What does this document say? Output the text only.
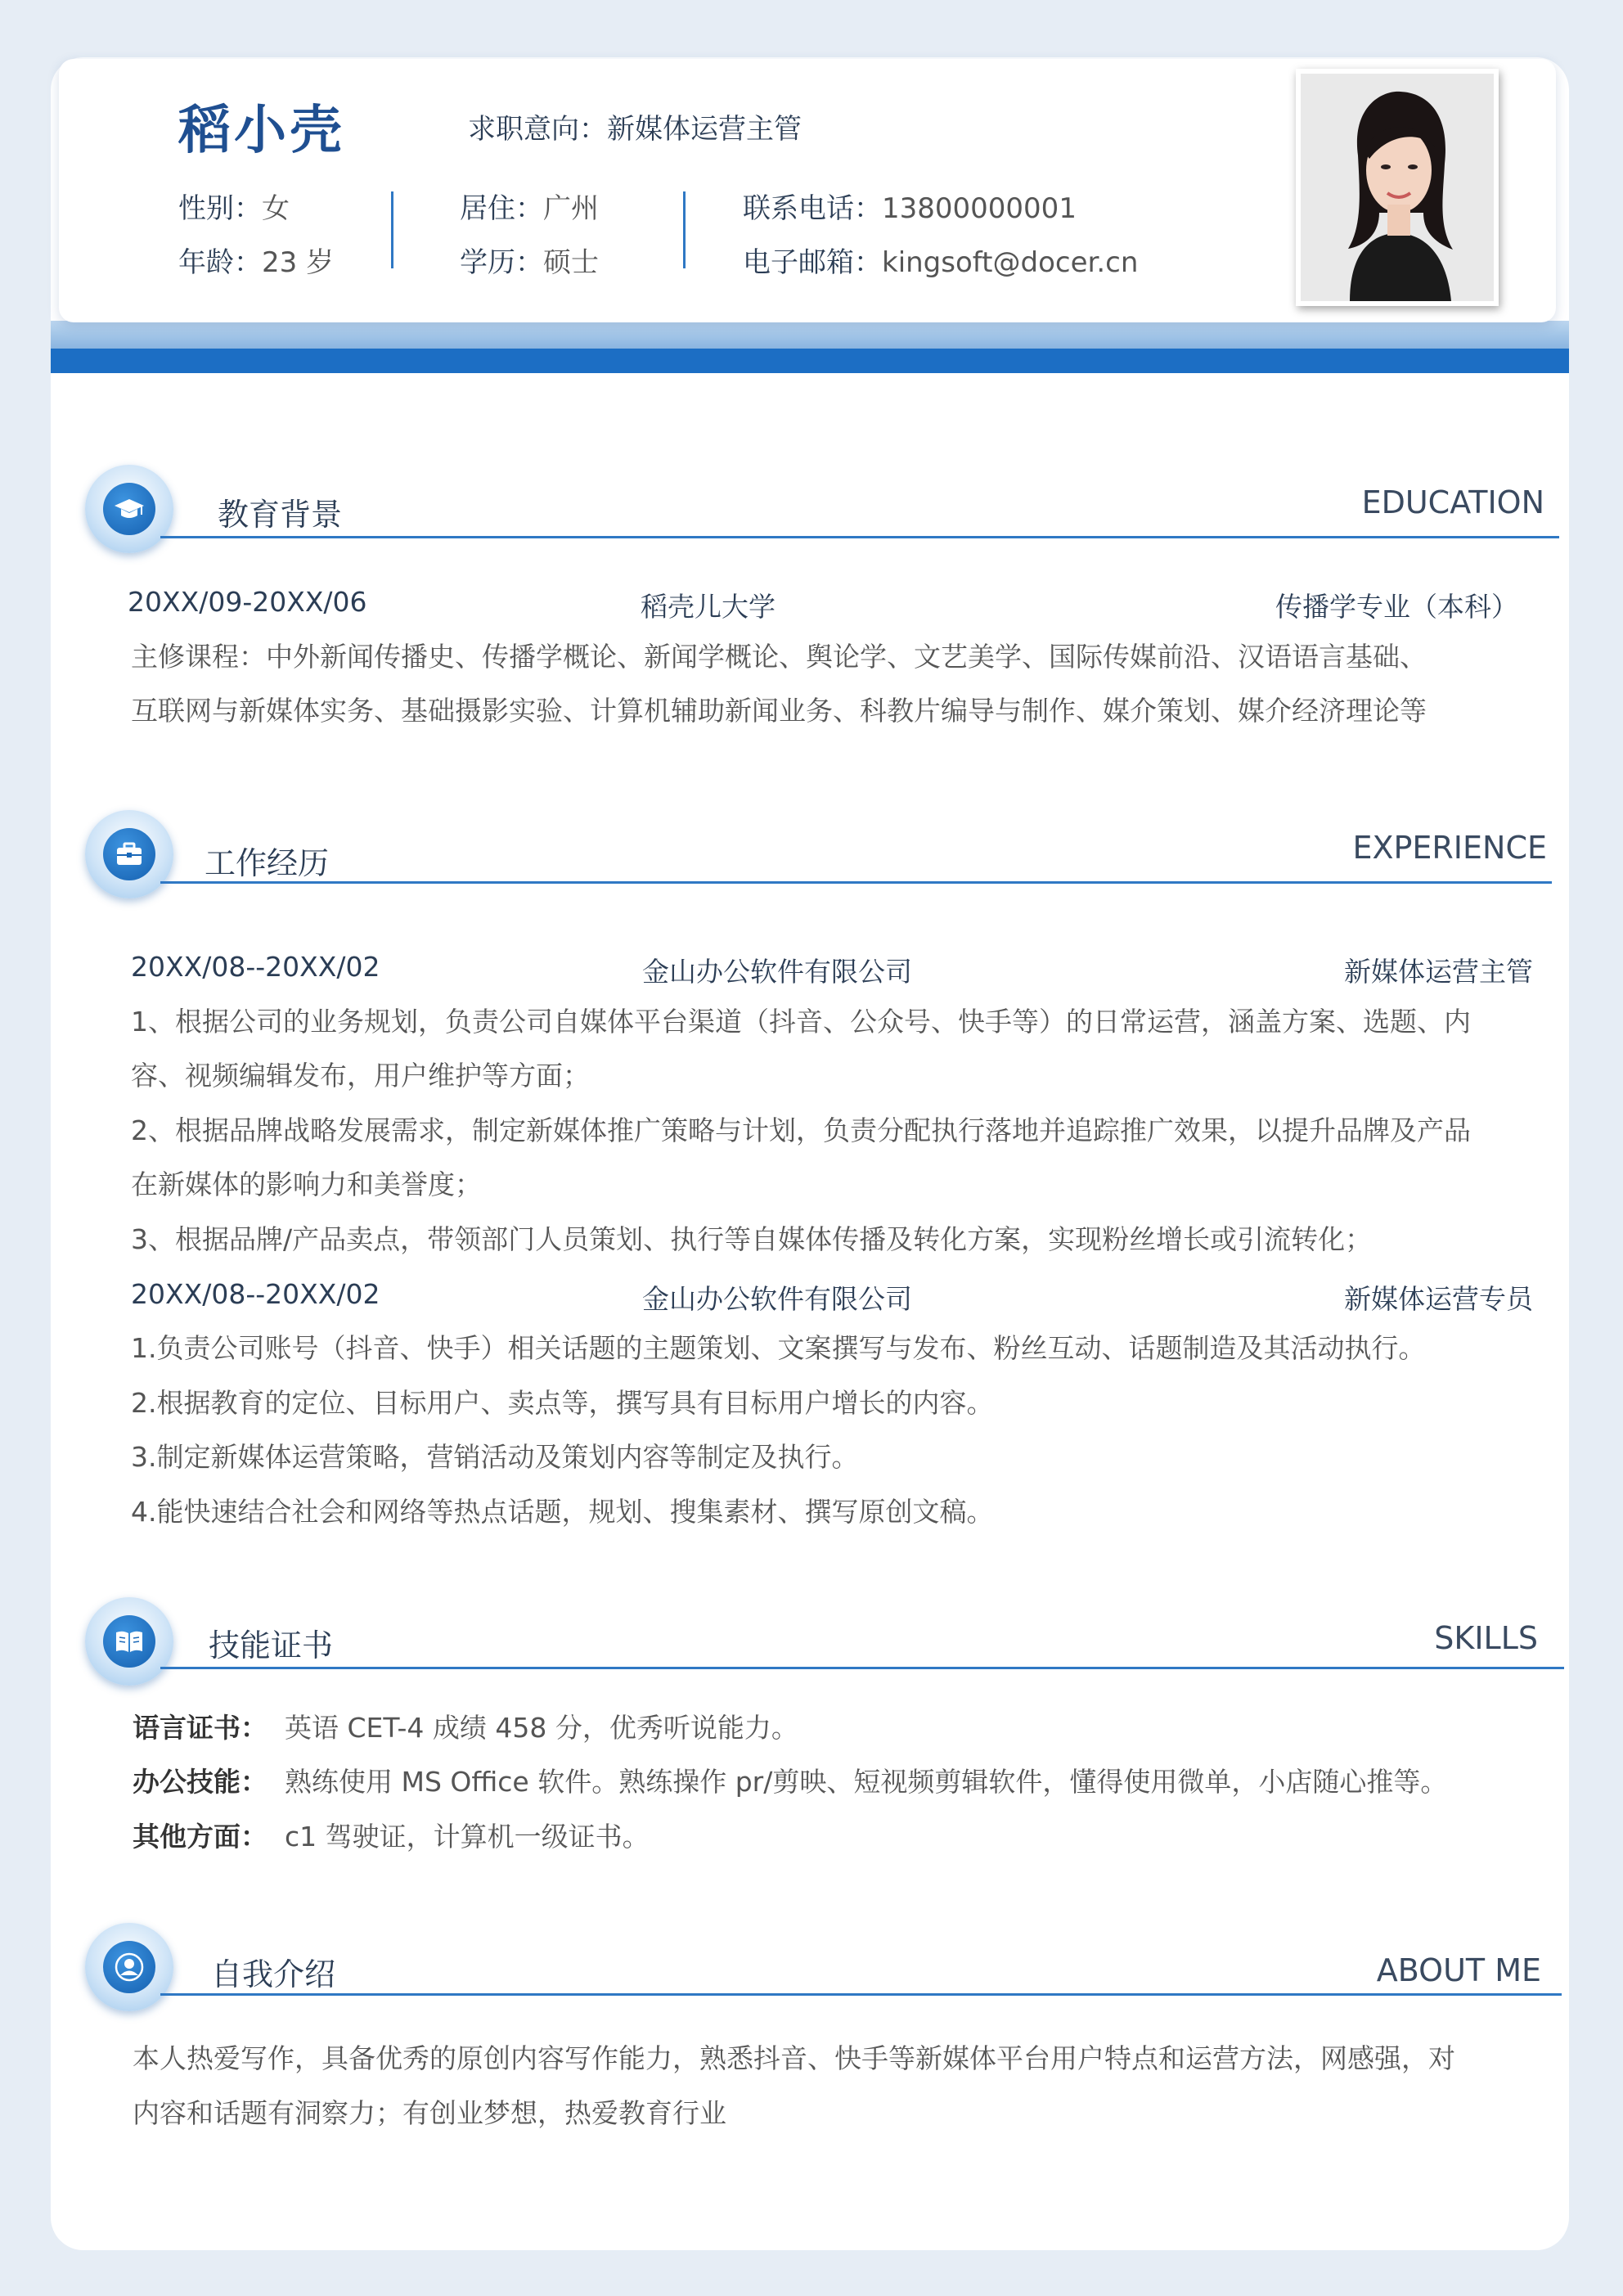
稻小壳	求职意向：新媒体运营主管
性别：女
年龄：23 岁
居住：广州
学历：硕士
联系电话：13800000001
电子邮箱：kingsoft@docer.cn
教育背景	EDUCATION
20XX/09-20XX/06	稻壳儿大学	传播学专业（本科）
主修课程：中外新闻传播史、传播学概论、新闻学概论、舆论学、文艺美学、国际传媒前沿、汉语语言基础、
互联网与新媒体实务、基础摄影实验、计算机辅助新闻业务、科教片编导与制作、媒介策划、媒介经济理论等
工作经历	EXPERIENCE
20XX/08--20XX/02	金山办公软件有限公司	新媒体运营主管
1、根据公司的业务规划，负责公司自媒体平台渠道（抖音、公众号、快手等）的日常运营，涵盖方案、选题、内
容、视频编辑发布，用户维护等方面；
2、根据品牌战略发展需求，制定新媒体推广策略与计划，负责分配执行落地并追踪推广效果，以提升品牌及产品
在新媒体的影响力和美誉度；
3、根据品牌/产品卖点，带领部门人员策划、执行等自媒体传播及转化方案，实现粉丝增长或引流转化；
20XX/08--20XX/02	金山办公软件有限公司	新媒体运营专员
1.负责公司账号（抖音、快手）相关话题的主题策划、文案撰写与发布、粉丝互动、话题制造及其活动执行。
2.根据教育的定位、目标用户、卖点等，撰写具有目标用户增长的内容。
3.制定新媒体运营策略，营销活动及策划内容等制定及执行。
4.能快速结合社会和网络等热点话题，规划、搜集素材、撰写原创文稿。
技能证书	SKILLS
语言证书： 英语 CET-4 成绩 458 分，优秀听说能力。
办公技能： 熟练使用 MS Office 软件。熟练操作 pr/剪映、短视频剪辑软件，懂得使用微单，小店随心推等。
其他方面： c1 驾驶证，计算机一级证书。
自我介绍	ABOUT ME
本人热爱写作，具备优秀的原创内容写作能力，熟悉抖音、快手等新媒体平台用户特点和运营方法，网感强，对
内容和话题有洞察力；有创业梦想，热爱教育行业
